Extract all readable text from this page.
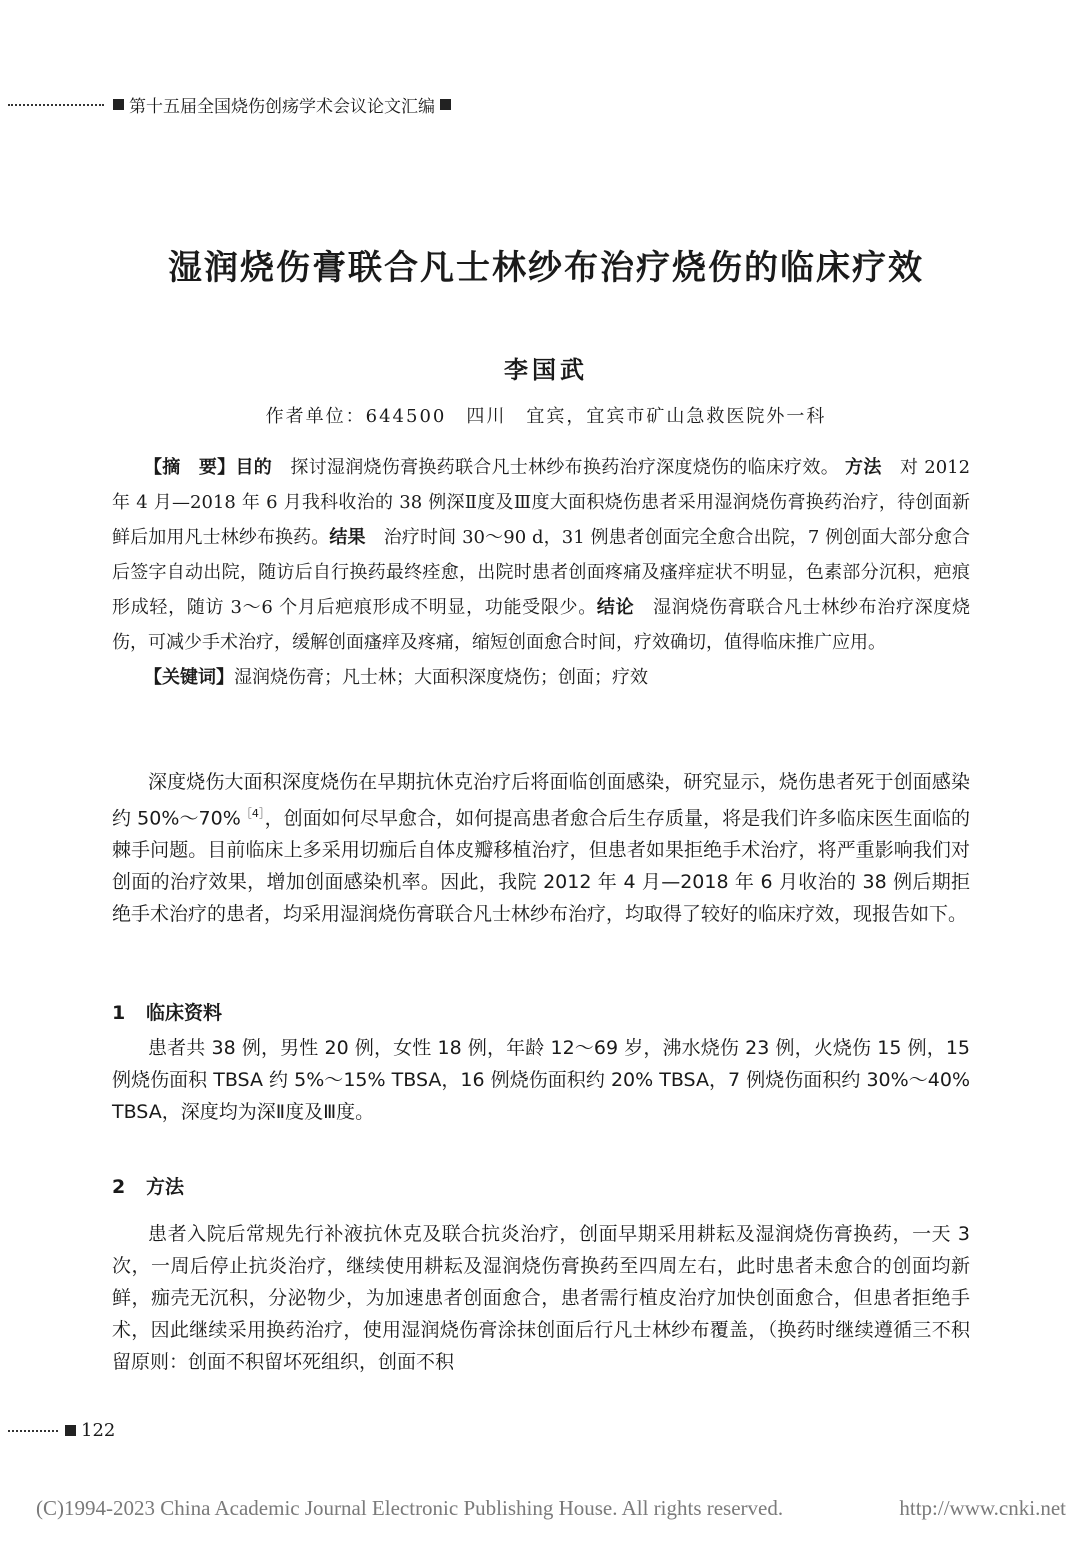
第十五届全国烧伤创疡学术会议论文汇编
湿润烧伤膏联合凡士林纱布治疗烧伤的临床疗效
李国武
作者单位：644500　四川　宜宾，宜宾市矿山急救医院外一科

【摘　要】目的　 探讨湿润烧伤膏换药联合凡士林纱布换药治疗深度烧伤的临床疗效。 方法　 对 2012 年 4 月—2018 年 6 月我科收治的 38 例深Ⅱ度及Ⅲ度大面积烧伤患者采用湿润烧伤膏换药治疗，待创面新鲜后加用凡士林纱布换药。结果　 治疗时间 30～90 d，31 例患者创面完全愈合出院，7 例创面大部分愈合后签字自动出院，随访后自行换药最终痊愈，出院时患者创面疼痛及瘙痒症状不明显，色素部分沉积，疤痕形成轻，随访 3～6 个月后疤痕形成不明显，功能受限少。结论　 湿润烧伤膏联合凡士林纱布治疗深度烧伤，可减少手术治疗，缓解创面瘙痒及疼痛，缩短创面愈合时间，疗效确切，值得临床推广应用。

【关键词】湿润烧伤膏；凡士林；大面积深度烧伤；创面；疗效

深度烧伤大面积深度烧伤在早期抗休克治疗后将面临创面感染，研究显示，烧伤患者死于创面感染约 50%～70%$^{[4]}$，创面如何尽早愈合，如何提高患者愈合后生存质量，将是我们许多临床医生面临的棘手问题。目前临床上多采用切痂后自体皮瓣移植治疗，但患者如果拒绝手术治疗，将严重影响我们对创面的治疗效果，增加创面感染机率。因此，我院 2012 年 4 月—2018 年 6 月收治的 38 例后期拒绝手术治疗的患者，均采用湿润烧伤膏联合凡士林纱布治疗，均取得了较好的临床疗效，现报告如下。

1 临床资料

患者共 38 例，男性 20 例，女性 18 例，年龄 12～69 岁，沸水烧伤 23 例，火烧伤 15 例，15 例烧伤面积 TBSA 约 5%～15% TBSA，16 例烧伤面积约 20% TBSA，7 例烧伤面积约 30%～40% TBSA，深度均为深Ⅱ度及Ⅲ度。

2 方法

患者入院后常规先行补液抗休克及联合抗炎治疗，创面早期采用耕耘及湿润烧伤膏换药，一天 3 次，一周后停止抗炎治疗，继续使用耕耘及湿润烧伤膏换药至四周左右，此时患者未愈合的创面均新鲜，痂壳无沉积，分泌物少，为加速患者创面愈合，患者需行植皮治疗加快创面愈合，但患者拒绝手术，因此继续采用换药治疗，使用湿润烧伤膏涂抹创面后行凡士林纱布覆盖，（换药时继续遵循三不积留原则：创面不积留坏死组织，创面不积

122
(C)1994-2023 China Academic Journal Electronic Publishing House. All rights reserved.	http://www.cnki.net
